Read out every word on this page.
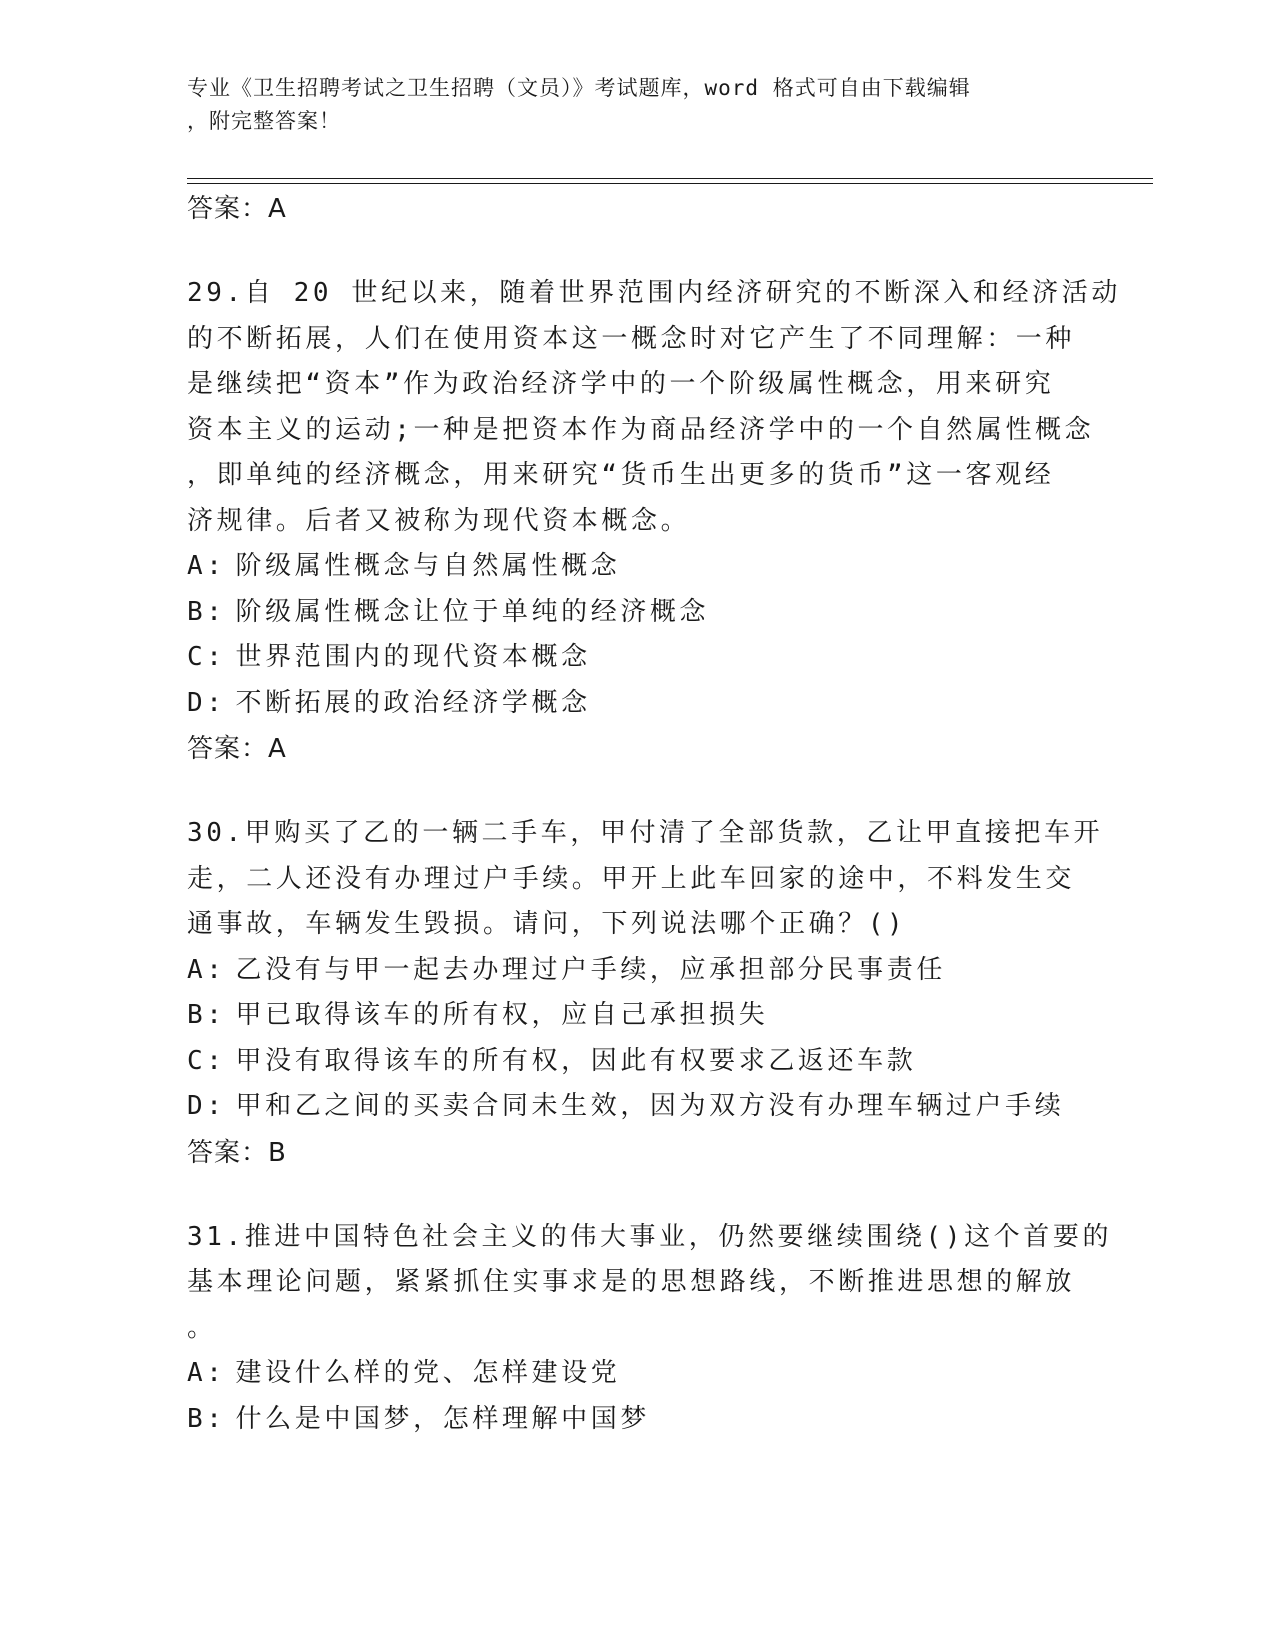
专业《卫生招聘考试之卫生招聘（文员）》考试题库，word 格式可自由下载编辑
，附完整答案！
答案：A
29.自 20 世纪以来，随着世界范围内经济研究的不断深入和经济活动
的不断拓展，人们在使用资本这一概念时对它产生了不同理解：一种
是继续把“资本”作为政治经济学中的一个阶级属性概念，用来研究
资本主义的运动;一种是把资本作为商品经济学中的一个自然属性概念
，即单纯的经济概念，用来研究“货币生出更多的货币”这一客观经
济规律。后者又被称为现代资本概念。
A: 阶级属性概念与自然属性概念
B: 阶级属性概念让位于单纯的经济概念
C: 世界范围内的现代资本概念
D: 不断拓展的政治经济学概念
答案：A
30.甲购买了乙的一辆二手车，甲付清了全部货款，乙让甲直接把车开
走，二人还没有办理过户手续。甲开上此车回家的途中，不料发生交
通事故，车辆发生毁损。请问，下列说法哪个正确？()
A: 乙没有与甲一起去办理过户手续，应承担部分民事责任
B: 甲已取得该车的所有权，应自己承担损失
C: 甲没有取得该车的所有权，因此有权要求乙返还车款
D: 甲和乙之间的买卖合同未生效，因为双方没有办理车辆过户手续
答案：B
31.推进中国特色社会主义的伟大事业，仍然要继续围绕()这个首要的
基本理论问题，紧紧抓住实事求是的思想路线，不断推进思想的解放
。
A: 建设什么样的党、怎样建设党
B: 什么是中国梦，怎样理解中国梦
